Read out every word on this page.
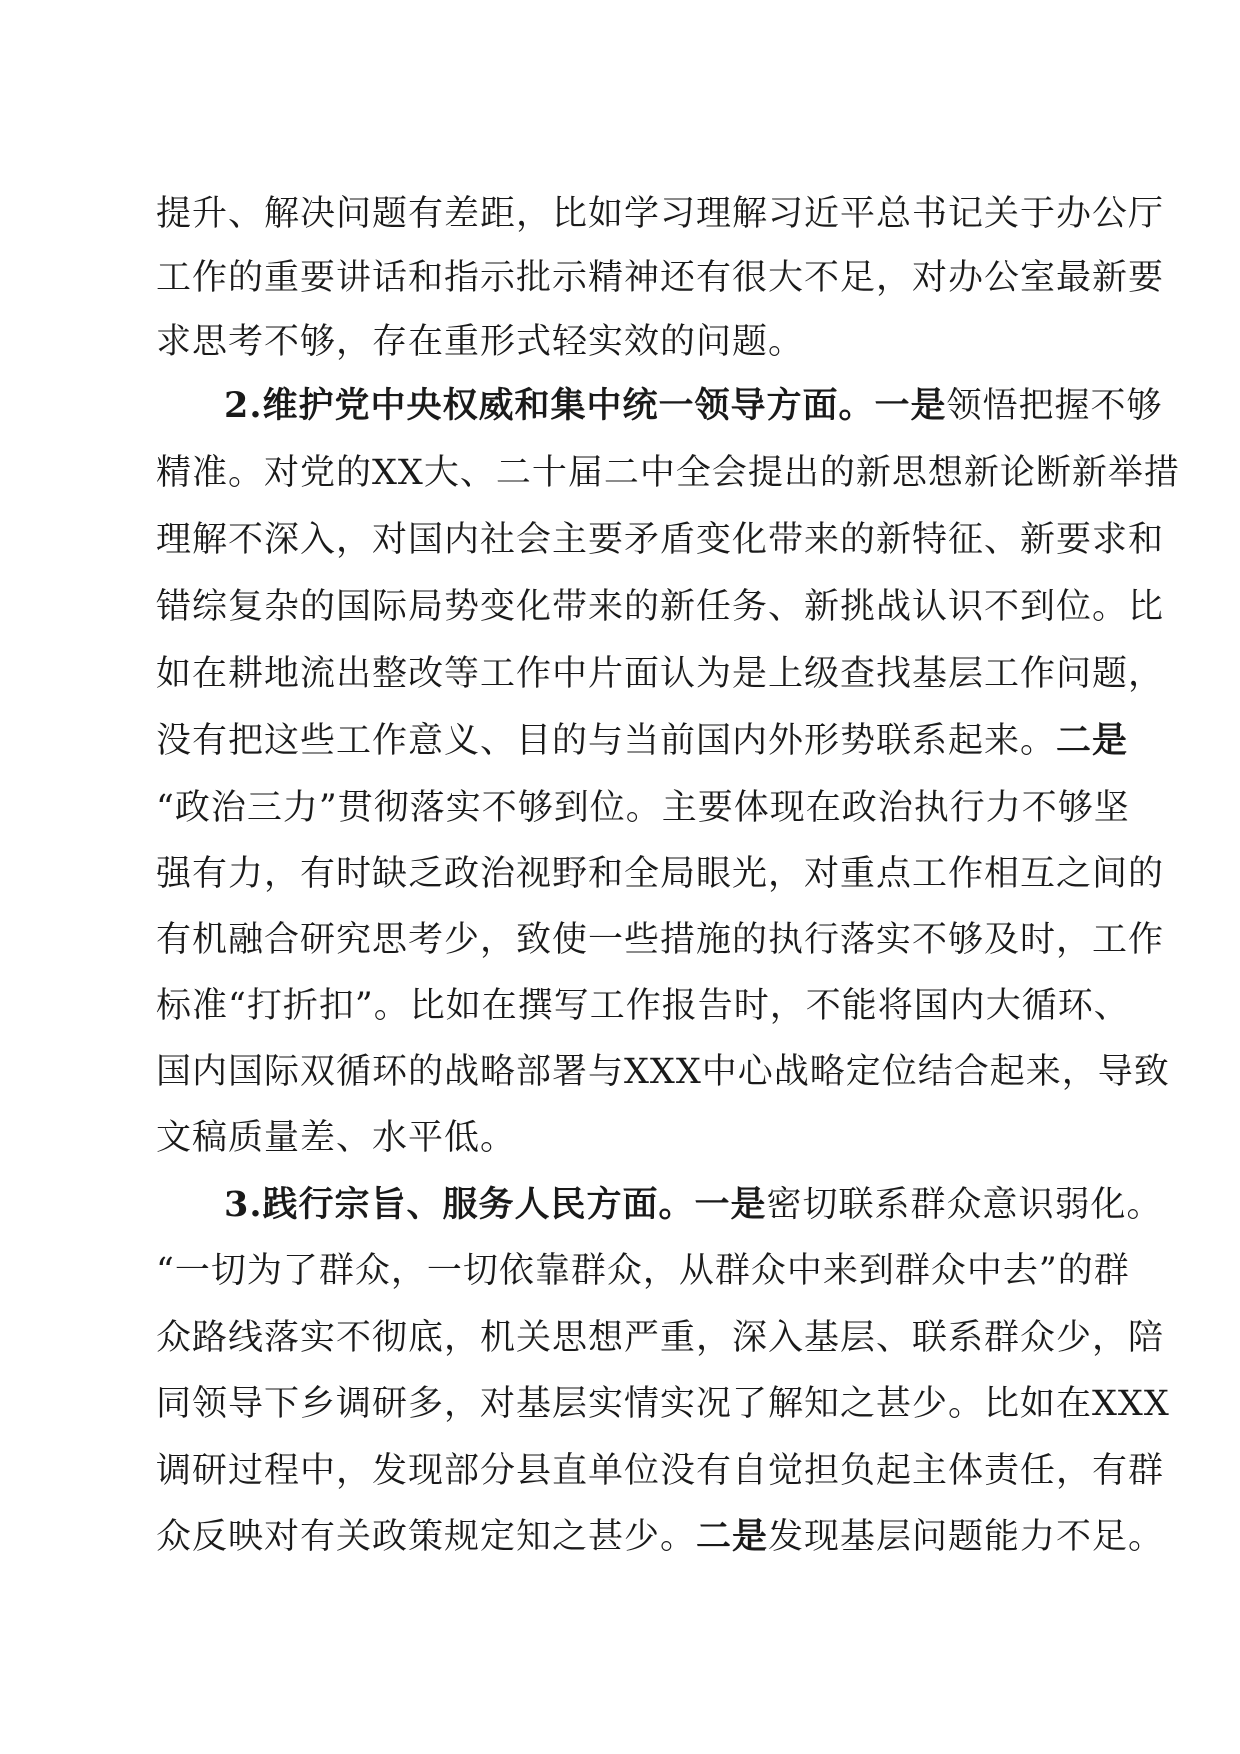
提升、解决问题有差距，比如学习理解习近平总书记关于办公厅
工作的重要讲话和指示批示精神还有很大不足，对办公室最新要
求思考不够，存在重形式轻实效的问题。
2.维护党中央权威和集中统一领导方面。一是领悟把握不够
精准。对党的XX大、二十届二中全会提出的新思想新论断新举措
理解不深入，对国内社会主要矛盾变化带来的新特征、新要求和
错综复杂的国际局势变化带来的新任务、新挑战认识不到位。比
如在耕地流出整改等工作中片面认为是上级查找基层工作问题，
没有把这些工作意义、目的与当前国内外形势联系起来。二是
“政治三力”贯彻落实不够到位。主要体现在政治执行力不够坚
强有力，有时缺乏政治视野和全局眼光，对重点工作相互之间的
有机融合研究思考少，致使一些措施的执行落实不够及时，工作
标准“打折扣”。比如在撰写工作报告时，不能将国内大循环、
国内国际双循环的战略部署与XXX中心战略定位结合起来，导致
文稿质量差、水平低。
3.践行宗旨、服务人民方面。一是密切联系群众意识弱化。
“一切为了群众，一切依靠群众，从群众中来到群众中去”的群
众路线落实不彻底，机关思想严重，深入基层、联系群众少，陪
同领导下乡调研多，对基层实情实况了解知之甚少。比如在XXX
调研过程中，发现部分县直单位没有自觉担负起主体责任，有群
众反映对有关政策规定知之甚少。二是发现基层问题能力不足。
